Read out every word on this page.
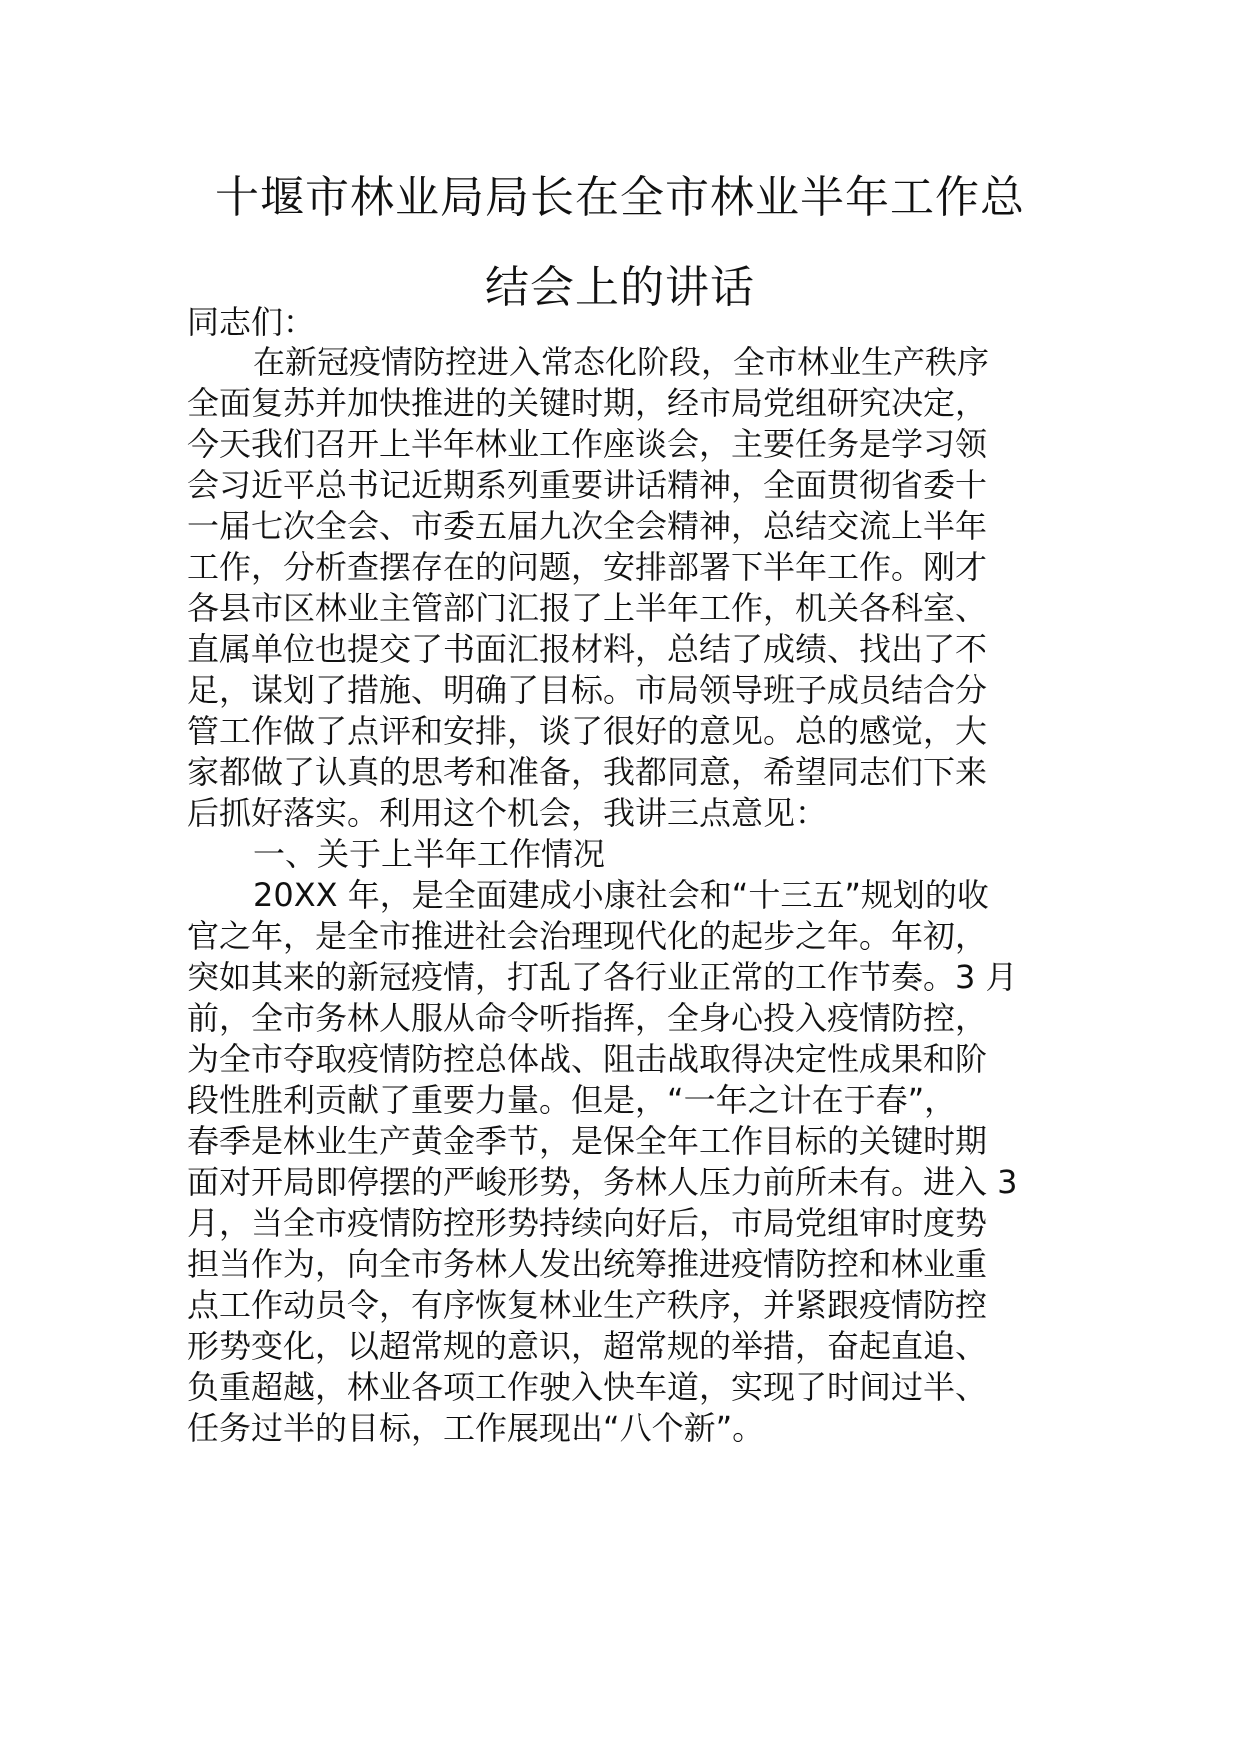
十堰市林业局局长在全市林业半年工作总
结会上的讲话

同志们：

在新冠疫情防控进入常态化阶段，全市林业生产秩序

全面复苏并加快推进的关键时期，经市局党组研究决定，

今天我们召开上半年林业工作座谈会，主要任务是学习领

会习近平总书记近期系列重要讲话精神，全面贯彻省委十

一届七次全会、市委五届九次全会精神，总结交流上半年

工作，分析查摆存在的问题，安排部署下半年工作。刚才

各县市区林业主管部门汇报了上半年工作，机关各科室、

直属单位也提交了书面汇报材料，总结了成绩、找出了不

足，谋划了措施、明确了目标。市局领导班子成员结合分

管工作做了点评和安排，谈了很好的意见。总的感觉，大

家都做了认真的思考和准备，我都同意，希望同志们下来

后抓好落实。利用这个机会，我讲三点意见：

一、关于上半年工作情况

20XX 年，是全面建成小康社会和“十三五”规划的收

官之年，是全市推进社会治理现代化的起步之年。年初，

突如其来的新冠疫情，打乱了各行业正常的工作节奏。3 月

前，全市务林人服从命令听指挥，全身心投入疫情防控，

为全市夺取疫情防控总体战、阻击战取得决定性成果和阶

段性胜利贡献了重要力量。但是，“一年之计在于春”，

春季是林业生产黄金季节，是保全年工作目标的关键时期

面对开局即停摆的严峻形势，务林人压力前所未有。进入 3

月，当全市疫情防控形势持续向好后，市局党组审时度势

担当作为，向全市务林人发出统筹推进疫情防控和林业重

点工作动员令，有序恢复林业生产秩序，并紧跟疫情防控

形势变化，以超常规的意识，超常规的举措，奋起直追、

负重超越，林业各项工作驶入快车道，实现了时间过半、

任务过半的目标，工作展现出“八个新”。
